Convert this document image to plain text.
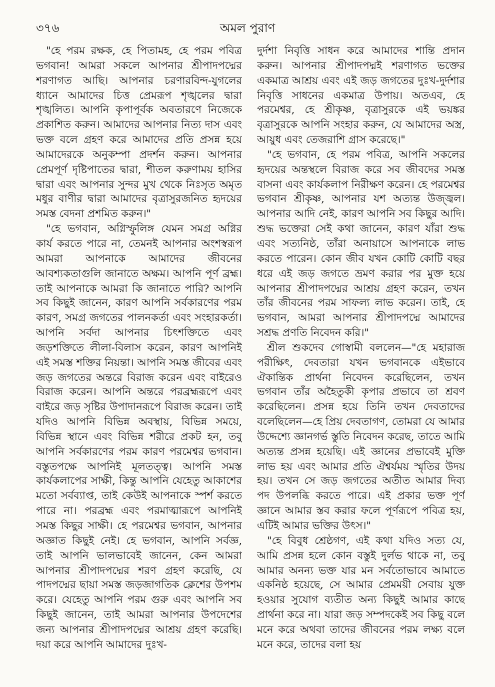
৩৭৬	অমল পুরাণ

"হে পরম রক্ষক, হে পিতামহ, হে পরম পবিত্র ভগবান! আমরা সকলে আপনার শ্রীপাদপদ্মের শরণাগত আছি। আপনার চরণারবিন্দ-যুগলের ধ্যানে আমাদের চিত্ত প্রেমরূপ শৃঙ্খলের দ্বারা শৃঙ্খলিত। আপনি কৃপাপূর্বক অবতারণে নিজেকে প্রকাশিত করুন। আমাদের আপনার নিত্য দাস এবং ভক্ত বলে গ্রহণ করে আমাদের প্রতি প্রসন্ন হয়ে আমাদেরকে অনুকম্পা প্রদর্শন করুন। আপনার প্রেমপূর্ণ দৃষ্টিপাতের দ্বারা, শীতল করুণাময় হাসির দ্বারা এবং আপনার সুন্দর মুখ থেকে নিঃসৃত অমৃত মধুর বাণীর দ্বারা আমাদের বৃত্রাসুরজনিত হৃদয়ের সমস্ত বেদনা প্রশমিত করুন।"

"হে ভগবান, অগ্নিস্ফুলিঙ্গ যেমন সমগ্র অগ্নির কার্য করতে পারে না, তেমনই আপনার অংশস্বরূপ আমরা আপনাকে আমাদের জীবনের আবশ্যকতাগুলি জানাতে অক্ষম। আপনি পূর্ণ ব্রহ্ম। তাই আপনাকে আমরা কি জানাতে পারি? আপনি সব কিছুই জানেন, কারণ আপনি সর্বকারণের পরম কারণ, সমগ্র জগতের পালনকর্তা এবং সংহারকর্তা। আপনি সর্বদা আপনার চিৎশক্তিতে এবং জড়শক্তিতে লীলা-বিলাস করেন, কারণ আপনিই এই সমস্ত শক্তির নিয়ন্তা। আপনি সমস্ত জীবের এবং জড় জগতের অন্তরে বিরাজ করেন এবং বাইরেও বিরাজ করেন। আপনি অন্তরে পরব্রহ্মরূপে এবং বাইরে জড় সৃষ্টির উপাদানরূপে বিরাজ করেন। তাই যদিও আপনি বিভিন্ন অবস্থায়, বিভিন্ন সময়ে, বিভিন্ন স্থানে এবং বিভিন্ন শরীরে প্রকট হন, তবু আপনি সর্বকারণের পরম কারণ পরমেশ্বর ভগবান। বস্তুতপক্ষে আপনিই মূলতত্ত্ব। আপনি সমস্ত কার্যকলাপের সাক্ষী, কিন্তু আপনি যেহেতু আকাশের মতো সর্বব্যাপ্ত, তাই কেউই আপনাকে স্পর্শ করতে পারে না। পরব্রহ্ম এবং পরমাত্মারূপে আপনিই সমস্ত কিছুর সাক্ষী। হে পরমেশ্বর ভগবান, আপনার অজ্ঞাত কিছুই নেই। হে ভগবান, আপনি সর্বজ্ঞ, তাই আপনি ভালভাবেই জানেন, কেন আমরা আপনার শ্রীপাদপদ্মের শরণ গ্রহণ করেছি, যে পাদপদ্মের ছায়া সমস্ত জড়জাগতিক ক্লেশের উপশম করে। যেহেতু আপনি পরম গুরু এবং আপনি সব কিছুই জানেন, তাই আমরা আপনার উপদেশের জন্য আপনার শ্রীপাদপদ্মের আশ্রয় গ্রহণ করেছি। দয়া করে আপনি আমাদের দুঃখ-

দুর্দশা নিবৃত্তি সাধন করে আমাদের শান্তি প্রদান করুন। আপনার শ্রীপাদপদ্মই শরণাগত ভক্তের একমাত্র আশ্রয় এবং এই জড় জগতের দুঃখ-দুর্দশার নিবৃত্তি সাধনের একমাত্র উপায়। অতএব, হে পরমেশ্বর, হে শ্রীকৃষ্ণ, বৃত্রাসুরকে এই ভয়ঙ্কর বৃত্রাসুরকে আপনি সংহার করুন, যে আমাদের অস্ত্র, আয়ুধ এবং তেজরাশি গ্রাস করেছে।"

"হে ভগবান, হে পরম পবিত্র, আপনি সকলের হৃদয়ের অন্তস্থলে বিরাজ করে সব জীবদের সমস্ত বাসনা এবং কার্যকলাপ নিরীক্ষণ করেন। হে পরমেশ্বর ভগবান শ্রীকৃষ্ণ, আপনার যশ অত্যন্ত উজ্জ্বল। আপনার আদি নেই, কারণ আপনি সব কিছুর আদি। শুদ্ধ ভক্তেরা সেই কথা জানেন, কারণ যাঁরা শুদ্ধ এবং সত্যনিষ্ঠ, তাঁরা অনায়াসে আপনাকে লাভ করতে পারেন। কোন জীব যখন কোটি কোটি বছর ধরে এই জড় জগতে ভ্রমণ করার পর মুক্ত হয়ে আপনার শ্রীপাদপদ্মের আশ্রয় গ্রহণ করেন, তখন তাঁর জীবনের পরম সাফল্য লাভ করেন। তাই, হে ভগবান, আমরা আপনার শ্রীপাদপদ্মে আমাদের সশ্রদ্ধ প্রণতি নিবেদন করি।"

শ্রীল শুকদেব গোস্বামী বললেন—"হে মহারাজ পরীক্ষিৎ, দেবতারা যখন ভগবানকে এইভাবে ঐকান্তিক প্রার্থনা নিবেদন করেছিলেন, তখন ভগবান তাঁর অহৈতুকী কৃপার প্রভাবে তা শ্রবণ করেছিলেন। প্রসন্ন হয়ে তিনি তখন দেবতাদের বলেছিলেন—হে প্রিয় দেবতাগণ, তোমরা যে আমার উদ্দেশ্যে জ্ঞানগর্ভ স্তুতি নিবেদন করেছ, তাতে আমি অত্যন্ত প্রসন্ন হয়েছি। এই জ্ঞানের প্রভাবেই মুক্তি লাভ হয় এবং আমার প্রতি ঐশ্বর্যময় স্মৃতির উদয় হয়। তখন সে জড় জগতের অতীত আমার দিব্য পদ উপলব্ধি করতে পারে। এই প্রকার ভক্ত পূর্ণ জ্ঞানে আমার স্তব করার ফলে পূর্ণরূপে পবিত্র হয়, এটিই আমার ভক্তির উৎস।"

"হে বিবুধ শ্রেষ্ঠগণ, এই কথা যদিও সত্য যে, আমি প্রসন্ন হলে কোন বস্তুই দুর্লভ থাকে না, তবু আমার অনন্য ভক্ত যার মন সর্বতোভাবে আমাতে একনিষ্ঠ হয়েছে, সে আমার প্রেমময়ী সেবায় যুক্ত হওয়ার সুযোগ ব্যতীত অন্য কিছুই আমার কাছে প্রার্থনা করে না। যারা জড় সম্পদকেই সব কিছু বলে মনে করে অথবা তাদের জীবনের পরম লক্ষ্য বলে মনে করে, তাদের বলা হয়
